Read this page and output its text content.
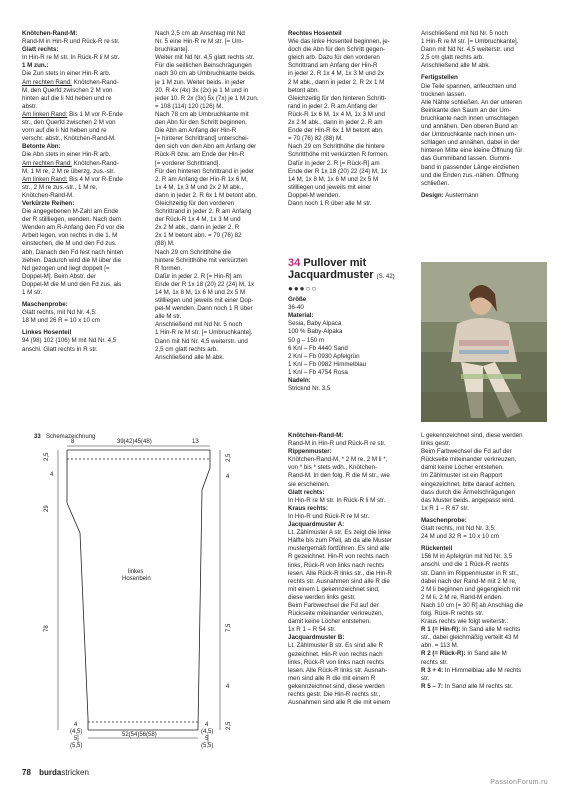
Knötchen-Rand-M:

Rand-M in Hin-R und Rück-R re str.

Glatt rechts:

In Hin-R re M str. In Rück-R li M str.

1 M zun.:

Die Zun stets in einer Hin-R arb.

Am rechten Rand: Knötchen-Rand-

M, den Querfd zwischen 2 M von

hinten auf die li Nd heben und re

abstr.

Am linken Rand: Bis 1 M vor R-Ende

str., den Querfd zwischen 2 M von

vorn auf die li Nd heben und re

verschr. abstr., Knötchen-Rand-M.

Betonte Abn:

Die Abn stets in einer Hin-R arb.

Am rechten Rand: Knötchen-Rand-

M, 1 M re, 2 M re überzg. zus.-str.

Am linken Rand: Bis 4 M vor R-Ende

str., 2 M re zus.-str., 1 M re,

Knötchen-Rand-M.

Verkürzte Reihen:

Die angegebenen M-Zahl am Ende

der R stillliegen, wenden. Nach dem

Wenden am R-Anfang den Fd vor die

Arbeit legen, von rechts in die 1. M

einstechen, die M und den Fd zus.

abh. Danach den Fd fest nach hinten

ziehen. Dadurch wird die M über die

Nd gezogen und liegt doppelt [=

Doppel-M]. Beim Abstr. der

Doppel-M die M und den Fd zus. als

1 M str.

Maschenprobe:

Glatt rechts, mit Nd Nr. 4,5:

18 M und 26 R = 10 x 10 cm

Linkes Hosenteil

94 (98) 102 (106) M mit Nd Nr. 4,5

anschl. Glatt rechts in R str.

Nach 2,5 cm ab Anschlag mit Nd

Nr. 5 eine Hin-R re M str. [= Um-

bruchkante].

Weiter mit Nd Nr. 4,5 glatt rechts str.

Für die seitlichen Beinschrägungen

nach 30 cm ab Umbruchkante beids.

je 1 M zun. Weiter beids. in jeder

20. R 4x (4x) 3x (2x) je 1 M und in

jeder 10. R 2x (3x) 5x (7x) je 1 M zun.

= 108 (114) 120 (126) M.

Nach 78 cm ab Umbruchkante mit

den Abn für den Schritt beginnen.

Die Abn am Anfang der Hin-R

[= hinterer Schrittrand] unterschei-

den sich von den Abn am Anfang der

Rück-R bzw. am Ende der Hin-R

[= vorderer Schrittrand].

Für den hinteren Schrittrand in jeder

2. R am Anfang der Hin-R 1x 6 M,

1x 4 M, 1x 3 M und 2x 2 M abk.,

dann in jeder 2. R 6x 1 M betont abn.

Gleichzeitig für den vorderen

Schrittrand in jeder 2. R am Anfang

der Rück-R 1x 4 M, 1x 3 M und

2x 2 M abk., dann in jeder 2. R

2x 1 M betont abn. = 70 (76) 82

(88) M.

Nach 29 cm Schritthöhe die

hintere Schritthöhe mit verkürzten

R formen.

Dafür in jeder 2. R [= Hin-R] am

Ende der R 1x 18 (20) 22 (24) M, 1x

14 M, 1x 8 M, 1x 6 M und 2x 5 M

stillliegen und jeweils mit einer Dop-

pel-M wenden. Dann noch 1 R über

alle M str.

Anschließend mit Nd Nr. 5 noch

1 Hin-R re M str. [= Umbruchkante].

Dann mit Nd Nr. 4,5 weiterstr. und

2,5 cm glatt rechts arb.

Anschließend alle M abk.

Rechtes Hosenteil

Wie das linke Hosenteil beginnen, je-

doch die Abn für den Schritt gegen-

gleich arb. Dazu für den vorderen

Schrittrand am Anfang der Hin-R

in jeder 2. R 1x 4 M, 1x 3 M und 2x

2 M abk., dann in jeder 2. R 2x 1 M

betont abn.

Gleichzeitig für den hinteren Schritt-

rand in jeder 2. R am Anfang der

Rück-R 1x 6 M, 1x 4 M, 1x 3 M und

2x 2 M abk., dann in jeder 2. R am

Ende der Hin-R 6x 1 M betont abn.

= 70 (76) 82 (88) M.

Nach 29 cm Schritthöhe die hintere

Schritthöhe mit verkürzten R formen.

Dafür in jeder 2. R [= Rück-R] am

Ende der R 1x 18 (20) 22 (24) M, 1x

14 M, 1x 8 M, 1x 6 M und 2x 5 M

stillliegen und jeweils mit einer

Doppel-M wenden.

Dann noch 1 R über alle M str.

Anschließend mit Nd Nr. 5 noch

1 Hin-R re M str. [= Umbruchkante].

Dann mit Nd Nr. 4,5 weiterstr. und

2,5 cm glatt rechts arb.

Anschließend alle M abk.

Fertigstellen

Die Teile spannen, anfeuchten und

trocknen lassen.

Alle Nähte schließen. An der unteren

Beinkante den Saum an der Um-

bruchkante nach innen umschlagen

und annähen. Den oberen Bund an

der Umbruchkante nach innen um-

schlagen und annähen, dabei in der

hinteren Mitte eine kleine Öffnung für

das Gummiband lassen. Gummi-

band in passender Länge einziehen

und die Enden zus.-nähen. Öffnung

schließen.

Design: Austermann

34 Pullover mit
Jacquardmuster (S. 42)
●●●○○

Größe

36-40

Material:

Sesia, Baby Alpaca

100 % Baby-Alpaka

50 g – 150 m

6 Knl – Fb 4440 Sand

2 Knl – Fb 0930 Apfelgrün

1 Knl – Fb 0982 Himmelblau

1 Knl – Fb 4754 Rosa

Nadeln:

Stricknd Nr. 3,5

Knötchen-Rand-M:

Rand-M in Hin-R und Rück-R re str.

Rippenmuster:

Knötchen-Rand-M, * 2 M re, 2 M li *,

von * bis * stets wdh., Knötchen-

Rand-M. In den folg. R die M str., wie

sie erscheinen.

Glatt rechts:

In Hin-R re M str. In Rück-R li M str.

Kraus rechts:

In Hin-R und Rück-R re M str.

Jacquardmuster A:

Lt. Zählmuster A str. Es zeigt die linke

Hälfte bis zum Pfeil, ab da alle Muster

mustergemäß fortführen. Es sind alle

R gezeichnet. Hin-R von rechts nach

links, Rück-R von links nach rechts

lesen. Alle Rück-R links str., die Hin-R

rechts str. Ausnahmen sind alle R die

mit einem L gekennzeichnet sind,

diese werden links gestr.

Beim Farbwechsel die Fd auf der

Rückseite miteinander verkreuzen,

damit keine Löcher entstehen.

1x R 1 – R 54 str.

Jacquardmuster B:

Lt. Zählmuster B str. Es sind alle R

gezeichnet. Hin-R von rechts nach

links, Rück-R von links nach rechts

lesen. Alle Rück-R links str. Ausnah-

men sind alle R die mit einem R

gekennzeichnet sind, diese werden

rechts gestr. Die Hin-R rechts str.,

Ausnahmen sind alle R die mit einem

L gekennzeichnet sind, diese werden

links gestr.

Beim Farbwechsel die Fd auf der

Rückseite miteinander verkreuzen,

damit keine Löcher entstehen.

Im Zählmuster ist ein Rapport

eingezeichnet, bitte darauf achten,

dass durch die Ärmelschrägungen

das Muster beids. angepasst wird.

1x R 1 – R 67 str.

Maschenprobe:

Glatt rechts, mit Nd Nr. 3,5:

24 M und 32 R = 10 x 10 cm

Rückenteil

156 M in Apfelgrün mit Nd Nr. 3,5

anschl. und die 1 Rück-R rechts

str. Dann im Rippenmuster in R str.,

dabei nach der Rand-M mit 2 M re,

2 M li beginnen und gegengleich mit

2 M li, 2 M re, Rand-M enden.

Nach 10 cm [= 30 R] ab Anschlag die

folg. Rück-R rechts str.

Kraus rechts wie folgt weiterstr.:

R 1 (= Hin-R): In Sand alle M rechts

str., dabei gleichmäßig verteilt 43 M

abn. = 113 M.

R 2 (= Rück-R): In Sand alle M

rechts str.

R 3 + 4: In Himmelblau alle M rechts

str.

R 5 – 7: In Sand alle M rechts str.

33 Schemazeichnung
8	39(42)45(48)	13
2,5
4
29
78
2,5
4
7,5
4
2,5
linkes
Hosenbein
52(54)56(58)
4
(4,5)
5
(5,5)
4
(4,5)
5
(5,5)
78 burdastricken
PassionForum.ru
